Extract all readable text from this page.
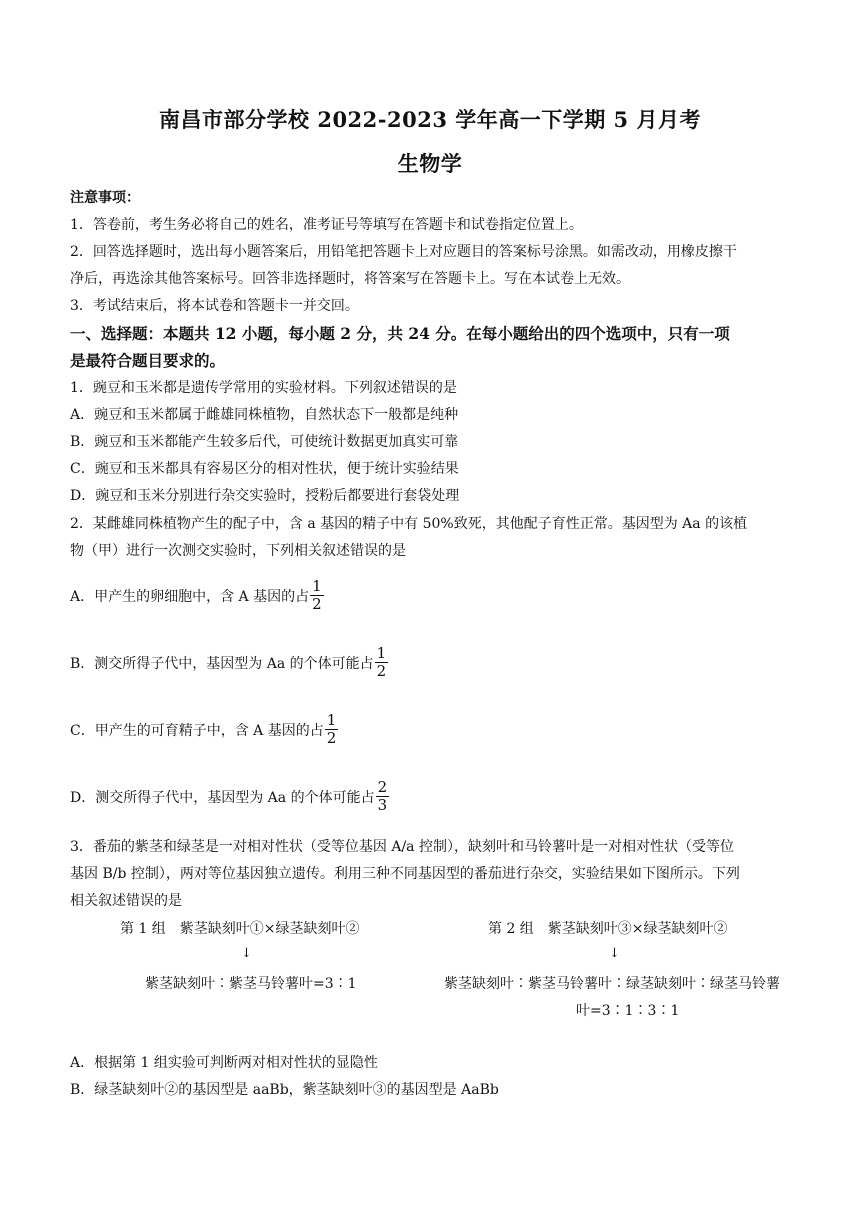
南昌市部分学校 2022-2023 学年高一下学期 5 月月考
生物学
注意事项：
1．答卷前，考生务必将自己的姓名，准考证号等填写在答题卡和试卷指定位置上。
2．回答选择题时，选出每小题答案后，用铅笔把答题卡上对应题目的答案标号涂黑。如需改动，用橡皮擦干
净后，再选涂其他答案标号。回答非选择题时，将答案写在答题卡上。写在本试卷上无效。
3．考试结束后，将本试卷和答题卡一并交回。
一、选择题：本题共 12 小题，每小题 2 分，共 24 分。在每小题给出的四个选项中，只有一项
是最符合题目要求的。
1．豌豆和玉米都是遗传学常用的实验材料。下列叙述错误的是
A．豌豆和玉米都属于雌雄同株植物，自然状态下一般都是纯种
B．豌豆和玉米都能产生较多后代，可使统计数据更加真实可靠
C．豌豆和玉米都具有容易区分的相对性状，便于统计实验结果
D．豌豆和玉米分别进行杂交实验时，授粉后都要进行套袋处理
2．某雌雄同株植物产生的配子中，含 a 基因的精子中有 50%致死，其他配子育性正常。基因型为 Aa 的该植
物（甲）进行一次测交实验时，下列相关叙述错误的是
A．甲产生的卵细胞中，含 A 基因的占 $\frac{1}{2}$
B．测交所得子代中，基因型为 Aa 的个体可能占 $\frac{1}{2}$
C．甲产生的可育精子中，含 A 基因的占 $\frac{1}{2}$
D．测交所得子代中，基因型为 Aa 的个体可能占 $\frac{2}{3}$
3．番茄的紫茎和绿茎是一对相对性状（受等位基因 A/a 控制），缺刻叶和马铃薯叶是一对相对性状（受等位
基因 B/b 控制），两对等位基因独立遗传。利用三种不同基因型的番茄进行杂交，实验结果如下图所示。下列
相关叙述错误的是
第 1 组　紫茎缺刻叶①×绿茎缺刻叶②
↓
紫茎缺刻叶∶紫茎马铃薯叶=3∶1
第 2 组　紫茎缺刻叶③×绿茎缺刻叶②
↓
紫茎缺刻叶∶紫茎马铃薯叶∶绿茎缺刻叶∶绿茎马铃薯
叶=3∶1∶3∶1
A．根据第 1 组实验可判断两对相对性状的显隐性
B．绿茎缺刻叶②的基因型是 aaBb，紫茎缺刻叶③的基因型是 AaBb
